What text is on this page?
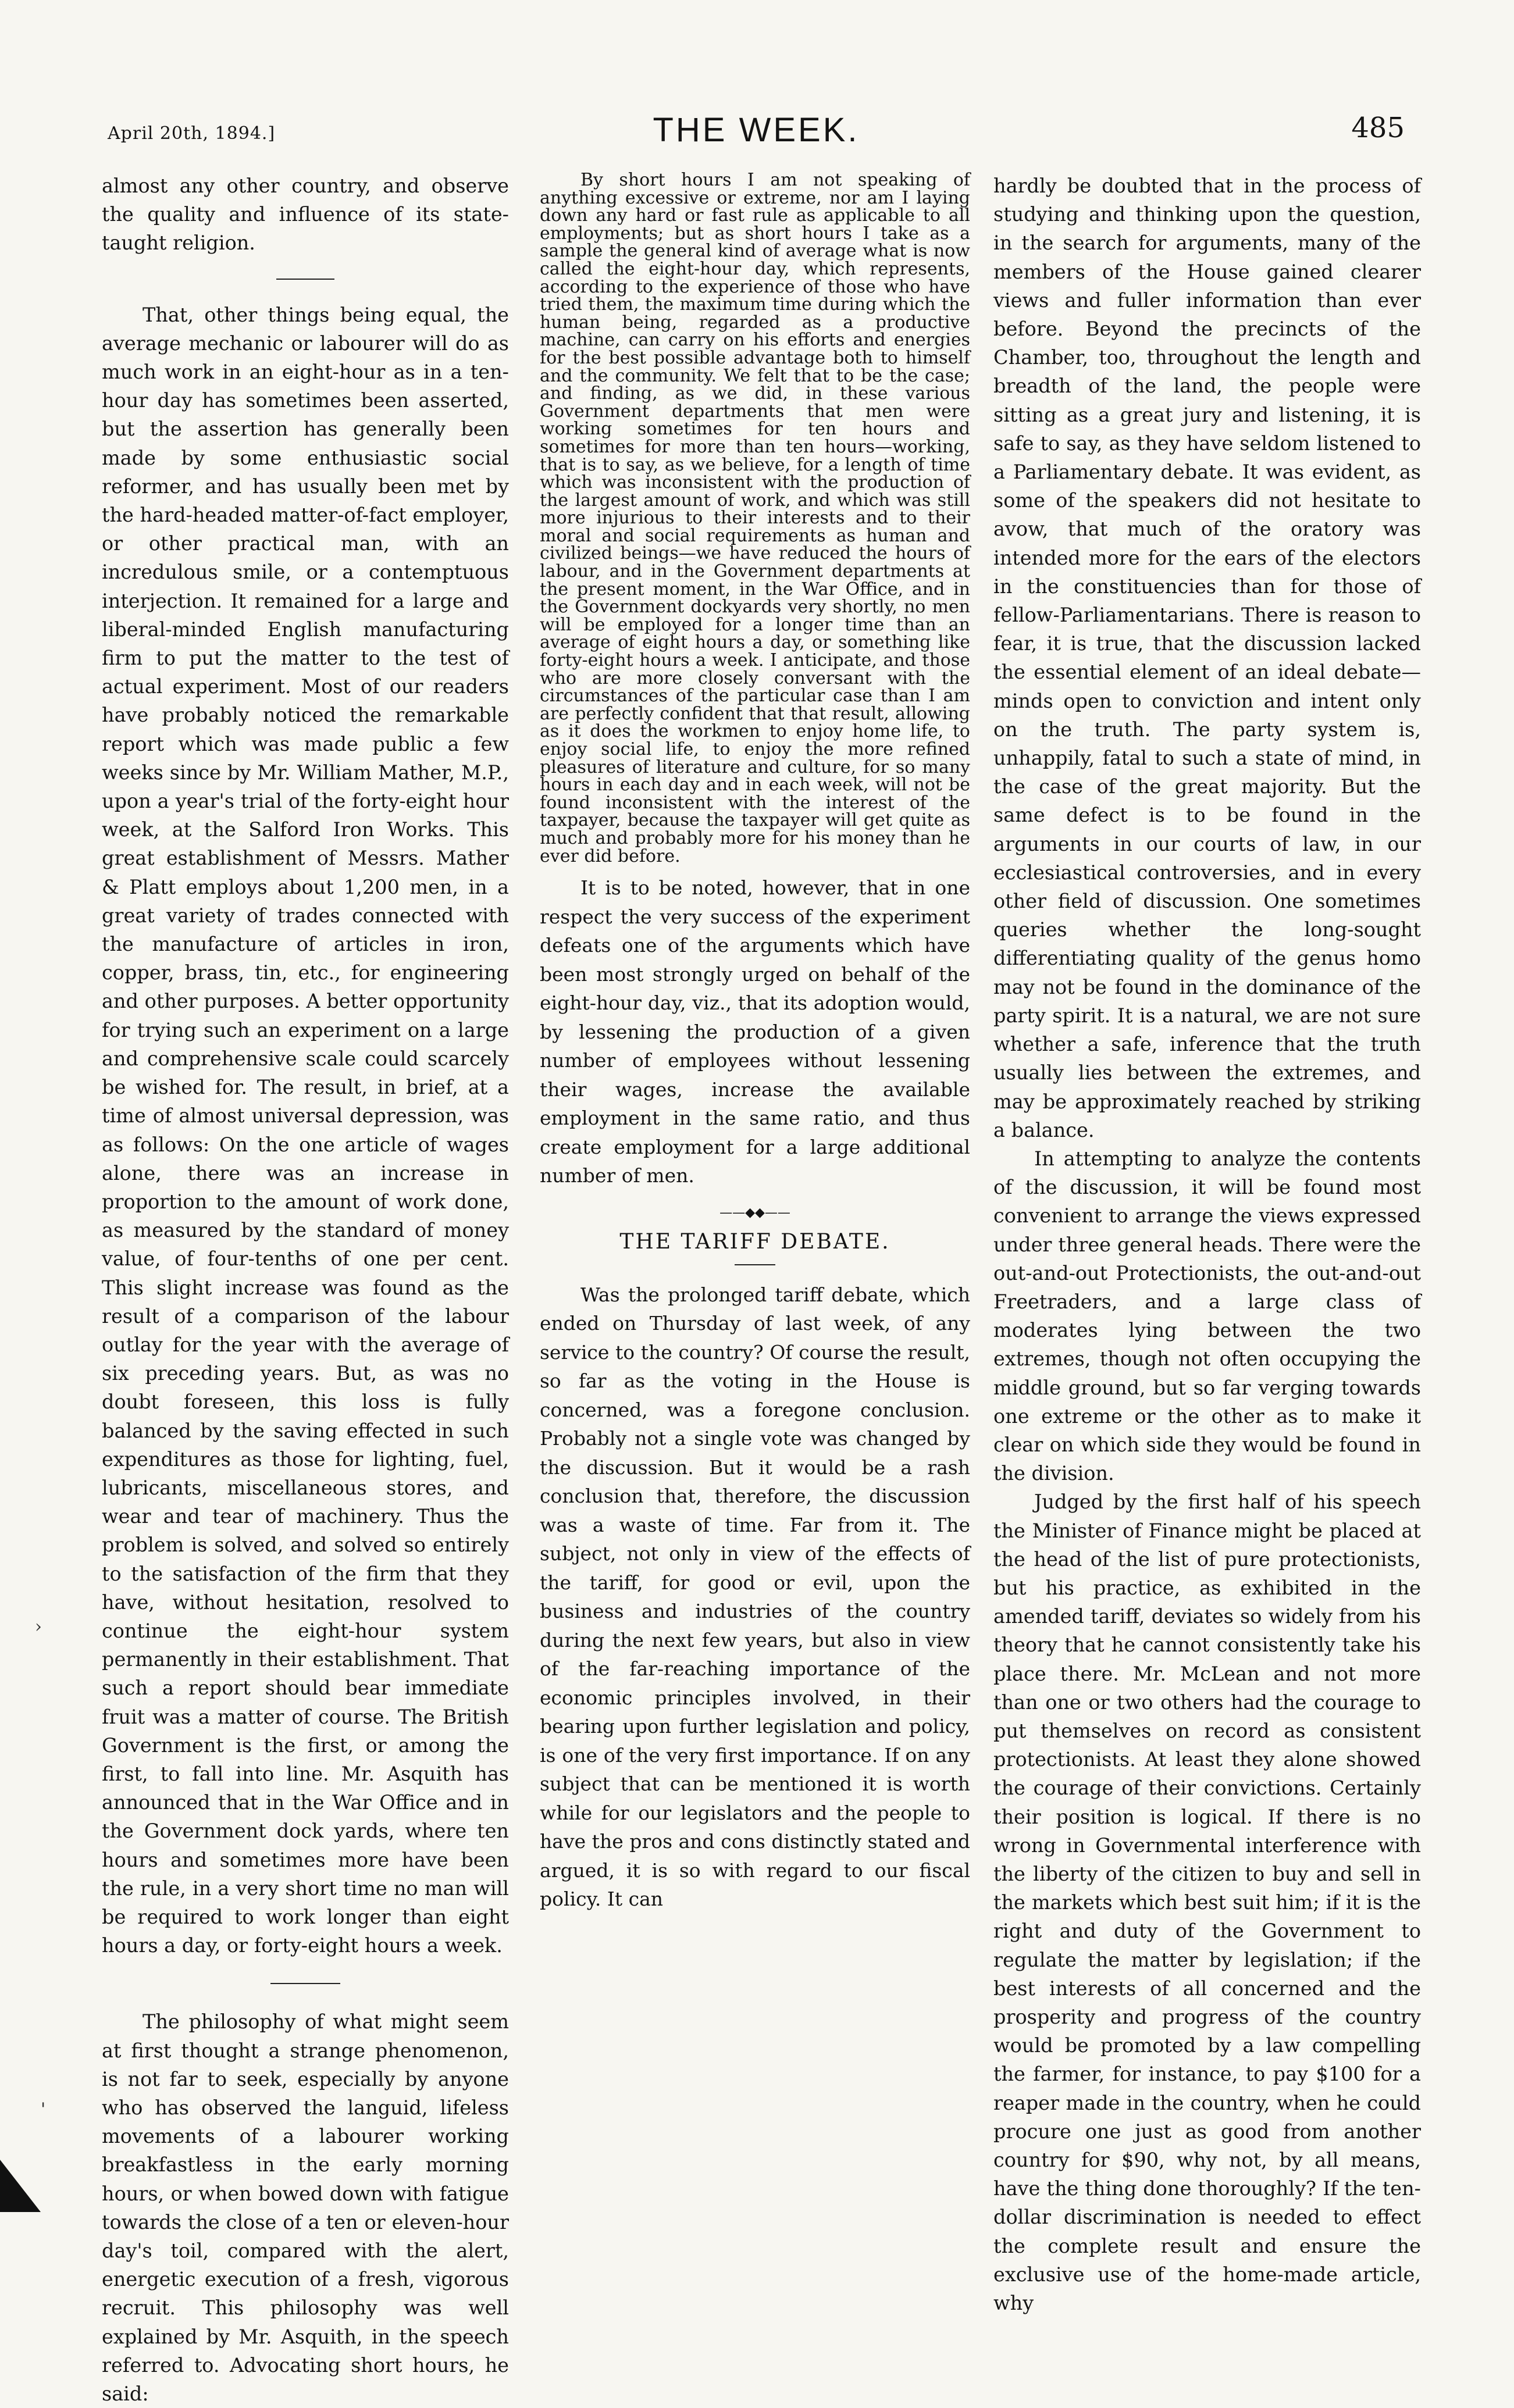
April 20th, 1894.]	THE WEEK.	485

almost any other country, and observe the quality and influence of its state-taught religion.

That, other things being equal, the average mechanic or labourer will do as much work in an eight-hour as in a ten-hour day has sometimes been asserted, but the assertion has generally been made by some enthusiastic social reformer, and has usually been met by the hard-headed matter-of-fact employer, or other practical man, with an incredulous smile, or a contemptuous interjection. It remained for a large and liberal-minded English manufacturing firm to put the matter to the test of actual experiment. Most of our readers have probably noticed the remarkable report which was made public a few weeks since by Mr. William Mather, M.P., upon a year's trial of the forty-eight hour week, at the Salford Iron Works. This great establishment of Messrs. Mather & Platt employs about 1,200 men, in a great variety of trades connected with the manufacture of articles in iron, copper, brass, tin, etc., for engineering and other purposes. A better opportunity for trying such an experiment on a large and comprehensive scale could scarcely be wished for. The result, in brief, at a time of almost universal depression, was as follows: On the one article of wages alone, there was an increase in proportion to the amount of work done, as measured by the standard of money value, of four-tenths of one per cent. This slight increase was found as the result of a comparison of the labour outlay for the year with the average of six preceding years. But, as was no doubt foreseen, this loss is fully balanced by the saving effected in such expenditures as those for lighting, fuel, lubricants, miscellaneous stores, and wear and tear of machinery. Thus the problem is solved, and solved so entirely to the satisfaction of the firm that they have, without hesitation, resolved to continue the eight-hour system permanently in their establishment. That such a report should bear immediate fruit was a matter of course. The British Government is the first, or among the first, to fall into line. Mr. Asquith has announced that in the War Office and in the Government dock yards, where ten hours and sometimes more have been the rule, in a very short time no man will be required to work longer than eight hours a day, or forty-eight hours a week.

The philosophy of what might seem at first thought a strange phenomenon, is not far to seek, especially by anyone who has observed the languid, lifeless movements of a labourer working breakfastless in the early morning hours, or when bowed down with fatigue towards the close of a ten or eleven-hour day's toil, compared with the alert, energetic execution of a fresh, vigorous recruit. This philosophy was well explained by Mr. Asquith, in the speech referred to. Advocating short hours, he said:

By short hours I am not speaking of anything excessive or extreme, nor am I laying down any hard or fast rule as applicable to all employments; but as short hours I take as a sample the general kind of average what is now called the eight-hour day, which represents, according to the experience of those who have tried them, the maximum time during which the human being, regarded as a productive machine, can carry on his efforts and energies for the best possible advantage both to himself and the community. We felt that to be the case; and finding, as we did, in these various Government departments that men were working sometimes for ten hours and sometimes for more than ten hours—working, that is to say, as we believe, for a length of time which was inconsistent with the production of the largest amount of work, and which was still more injurious to their interests and to their moral and social requirements as human and civilized beings—we have reduced the hours of labour, and in the Government departments at the present moment, in the War Office, and in the Government dockyards very shortly, no men will be employed for a longer time than an average of eight hours a day, or something like forty-eight hours a week. I anticipate, and those who are more closely conversant with the circumstances of the particular case than I am are perfectly confident that that result, allowing as it does the workmen to enjoy home life, to enjoy social life, to enjoy the more refined pleasures of literature and culture, for so many hours in each day and in each week, will not be found inconsistent with the interest of the taxpayer, because the taxpayer will get quite as much and probably more for his money than he ever did before.

It is to be noted, however, that in one respect the very success of the experiment defeats one of the arguments which have been most strongly urged on behalf of the eight-hour day, viz., that its adoption would, by lessening the production of a given number of employees without lessening their wages, increase the available employment in the same ratio, and thus create employment for a large additional number of men.

——◆◆——
THE TARIFF DEBATE.

Was the prolonged tariff debate, which ended on Thursday of last week, of any service to the country? Of course the result, so far as the voting in the House is concerned, was a foregone conclusion. Probably not a single vote was changed by the discussion. But it would be a rash conclusion that, therefore, the discussion was a waste of time. Far from it. The subject, not only in view of the effects of the tariff, for good or evil, upon the business and industries of the country during the next few years, but also in view of the far-reaching importance of the economic principles involved, in their bearing upon further legislation and policy, is one of the very first importance. If on any subject that can be mentioned it is worth while for our legislators and the people to have the pros and cons distinctly stated and argued, it is so with regard to our fiscal policy. It can

hardly be doubted that in the process of studying and thinking upon the question, in the search for arguments, many of the members of the House gained clearer views and fuller information than ever before. Beyond the precincts of the Chamber, too, throughout the length and breadth of the land, the people were sitting as a great jury and listening, it is safe to say, as they have seldom listened to a Parliamentary debate. It was evident, as some of the speakers did not hesitate to avow, that much of the oratory was intended more for the ears of the electors in the constituencies than for those of fellow-Parliamentarians. There is reason to fear, it is true, that the discussion lacked the essential element of an ideal debate—minds open to conviction and intent only on the truth. The party system is, unhappily, fatal to such a state of mind, in the case of the great majority. But the same defect is to be found in the arguments in our courts of law, in our ecclesiastical controversies, and in every other field of discussion. One sometimes queries whether the long-sought differentiating quality of the genus homo may not be found in the dominance of the party spirit. It is a natural, we are not sure whether a safe, inference that the truth usually lies between the extremes, and may be approximately reached by striking a balance.

In attempting to analyze the contents of the discussion, it will be found most convenient to arrange the views expressed under three general heads. There were the out-and-out Protectionists, the out-and-out Freetraders, and a large class of moderates lying between the two extremes, though not often occupying the middle ground, but so far verging towards one extreme or the other as to make it clear on which side they would be found in the division.

Judged by the first half of his speech the Minister of Finance might be placed at the head of the list of pure protectionists, but his practice, as exhibited in the amended tariff, deviates so widely from his theory that he cannot consistently take his place there. Mr. McLean and not more than one or two others had the courage to put themselves on record as consistent protectionists. At least they alone showed the courage of their convictions. Certainly their position is logical. If there is no wrong in Governmental interference with the liberty of the citizen to buy and sell in the markets which best suit him; if it is the right and duty of the Government to regulate the matter by legislation; if the best interests of all concerned and the prosperity and progress of the country would be promoted by a law compelling the farmer, for instance, to pay $100 for a reaper made in the country, when he could procure one just as good from another country for $90, why not, by all means, have the thing done thoroughly? If the ten-dollar discrimination is needed to effect the complete result and ensure the exclusive use of the home-made article, why

›
'
